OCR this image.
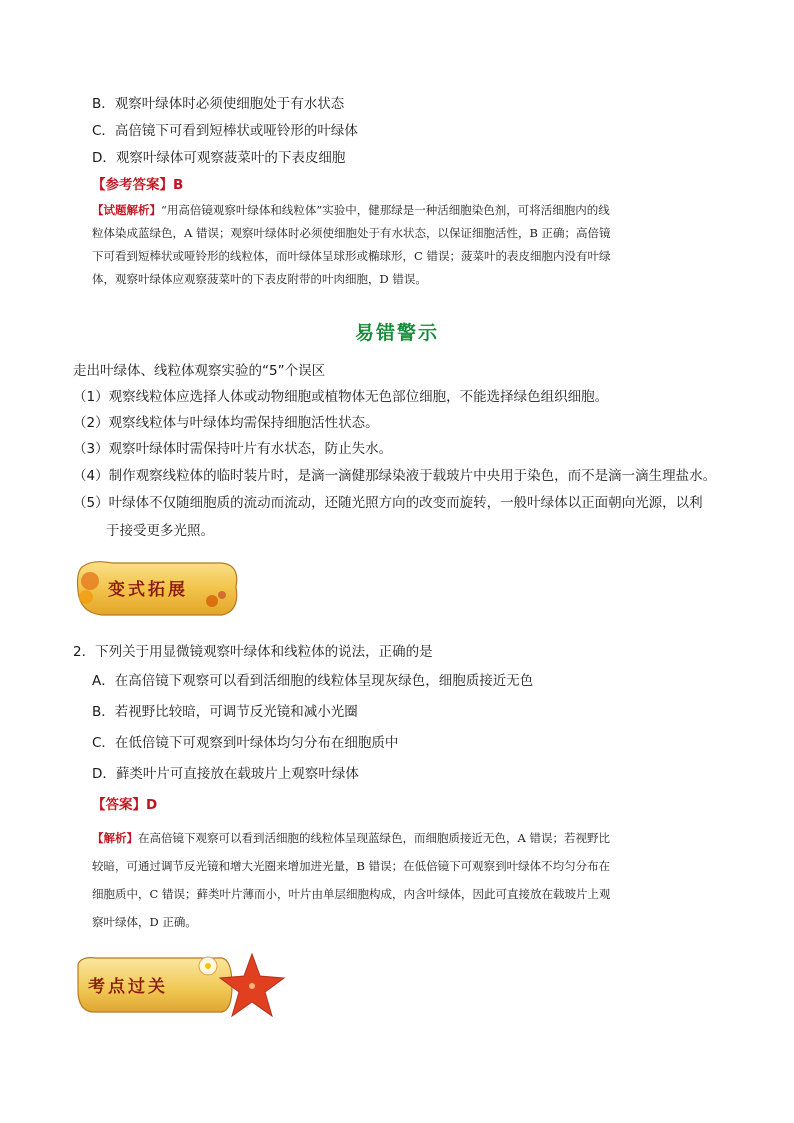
B．观察叶绿体时必须使细胞处于有水状态
C．高倍镜下可看到短棒状或哑铃形的叶绿体
D．观察叶绿体可观察菠菜叶的下表皮细胞
【参考答案】B

【试题解析】“用高倍镜观察叶绿体和线粒体”实验中，健那绿是一种活细胞染色剂，可将活细胞内的线

粒体染成蓝绿色，A 错误；观察叶绿体时必须使细胞处于有水状态，以保证细胞活性，B 正确；高倍镜

下可看到短棒状或哑铃形的线粒体，而叶绿体呈球形或椭球形，C 错误；菠菜叶的表皮细胞内没有叶绿

体，观察叶绿体应观察菠菜叶的下表皮附带的叶肉细胞，D 错误。

易错警示
走出叶绿体、线粒体观察实验的“5”个误区
（1）观察线粒体应选择人体或动物细胞或植物体无色部位细胞，不能选择绿色组织细胞。
（2）观察线粒体与叶绿体均需保持细胞活性状态。
（3）观察叶绿体时需保持叶片有水状态，防止失水。
（4）制作观察线粒体的临时装片时，是滴一滴健那绿染液于载玻片中央用于染色，而不是滴一滴生理盐水。
（5）叶绿体不仅随细胞质的流动而流动，还随光照方向的改变而旋转，一般叶绿体以正面朝向光源，以利
于接受更多光照。
变式拓展
2．下列关于用显微镜观察叶绿体和线粒体的说法，正确的是
A．在高倍镜下观察可以看到活细胞的线粒体呈现灰绿色，细胞质接近无色
B．若视野比较暗，可调节反光镜和减小光圈
C．在低倍镜下可观察到叶绿体均匀分布在细胞质中
D．藓类叶片可直接放在载玻片上观察叶绿体
【答案】D

【解析】在高倍镜下观察可以看到活细胞的线粒体呈现蓝绿色，而细胞质接近无色，A 错误；若视野比

较暗，可通过调节反光镜和增大光圈来增加进光量，B 错误；在低倍镜下可观察到叶绿体不均匀分布在

细胞质中，C 错误；藓类叶片薄而小，叶片由单层细胞构成，内含叶绿体，因此可直接放在载玻片上观

察叶绿体，D 正确。

考点过关
